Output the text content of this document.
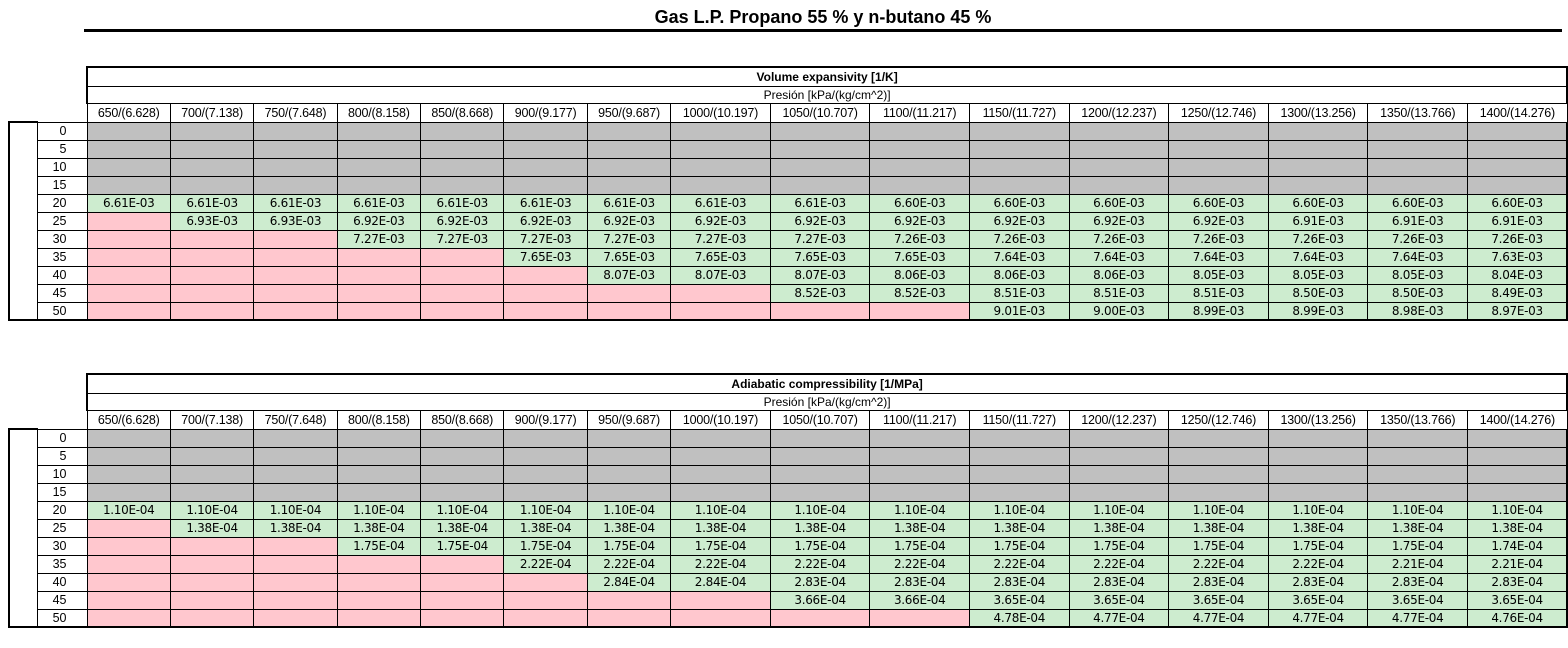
Gas L.P. Propano 55 % y n-butano 45 %
		Volume expansivity [1/K]															
		Presión [kPa/(kg/cm^2)]															
		650/(6.628)	700/(7.138)	750/(7.648)	800/(8.158)	850/(8.668)	900/(9.177)	950/(9.687)	1000/(10.197)	1050/(10.707)	1100/(11.217)	1150/(11.727)	1200/(12.237)	1250/(12.746)	1300/(13.256)	1350/(13.766)	1400/(14.276)
	0																
	5																
	10																
	15																
	20	6.61E-03	6.61E-03	6.61E-03	6.61E-03	6.61E-03	6.61E-03	6.61E-03	6.61E-03	6.61E-03	6.60E-03	6.60E-03	6.60E-03	6.60E-03	6.60E-03	6.60E-03	6.60E-03
	25		6.93E-03	6.93E-03	6.92E-03	6.92E-03	6.92E-03	6.92E-03	6.92E-03	6.92E-03	6.92E-03	6.92E-03	6.92E-03	6.92E-03	6.91E-03	6.91E-03	6.91E-03
	30				7.27E-03	7.27E-03	7.27E-03	7.27E-03	7.27E-03	7.27E-03	7.26E-03	7.26E-03	7.26E-03	7.26E-03	7.26E-03	7.26E-03	7.26E-03
	35						7.65E-03	7.65E-03	7.65E-03	7.65E-03	7.65E-03	7.64E-03	7.64E-03	7.64E-03	7.64E-03	7.64E-03	7.63E-03
	40							8.07E-03	8.07E-03	8.07E-03	8.06E-03	8.06E-03	8.06E-03	8.05E-03	8.05E-03	8.05E-03	8.04E-03
	45									8.52E-03	8.52E-03	8.51E-03	8.51E-03	8.51E-03	8.50E-03	8.50E-03	8.49E-03
	50											9.01E-03	9.00E-03	8.99E-03	8.99E-03	8.98E-03	8.97E-03
		Adiabatic compressibility [1/MPa]															
		Presión [kPa/(kg/cm^2)]															
		650/(6.628)	700/(7.138)	750/(7.648)	800/(8.158)	850/(8.668)	900/(9.177)	950/(9.687)	1000/(10.197)	1050/(10.707)	1100/(11.217)	1150/(11.727)	1200/(12.237)	1250/(12.746)	1300/(13.256)	1350/(13.766)	1400/(14.276)
	0																
	5																
	10																
	15																
	20	1.10E-04	1.10E-04	1.10E-04	1.10E-04	1.10E-04	1.10E-04	1.10E-04	1.10E-04	1.10E-04	1.10E-04	1.10E-04	1.10E-04	1.10E-04	1.10E-04	1.10E-04	1.10E-04
	25		1.38E-04	1.38E-04	1.38E-04	1.38E-04	1.38E-04	1.38E-04	1.38E-04	1.38E-04	1.38E-04	1.38E-04	1.38E-04	1.38E-04	1.38E-04	1.38E-04	1.38E-04
	30				1.75E-04	1.75E-04	1.75E-04	1.75E-04	1.75E-04	1.75E-04	1.75E-04	1.75E-04	1.75E-04	1.75E-04	1.75E-04	1.75E-04	1.74E-04
	35						2.22E-04	2.22E-04	2.22E-04	2.22E-04	2.22E-04	2.22E-04	2.22E-04	2.22E-04	2.22E-04	2.21E-04	2.21E-04
	40							2.84E-04	2.84E-04	2.83E-04	2.83E-04	2.83E-04	2.83E-04	2.83E-04	2.83E-04	2.83E-04	2.83E-04
	45									3.66E-04	3.66E-04	3.65E-04	3.65E-04	3.65E-04	3.65E-04	3.65E-04	3.65E-04
	50											4.78E-04	4.77E-04	4.77E-04	4.77E-04	4.77E-04	4.76E-04
